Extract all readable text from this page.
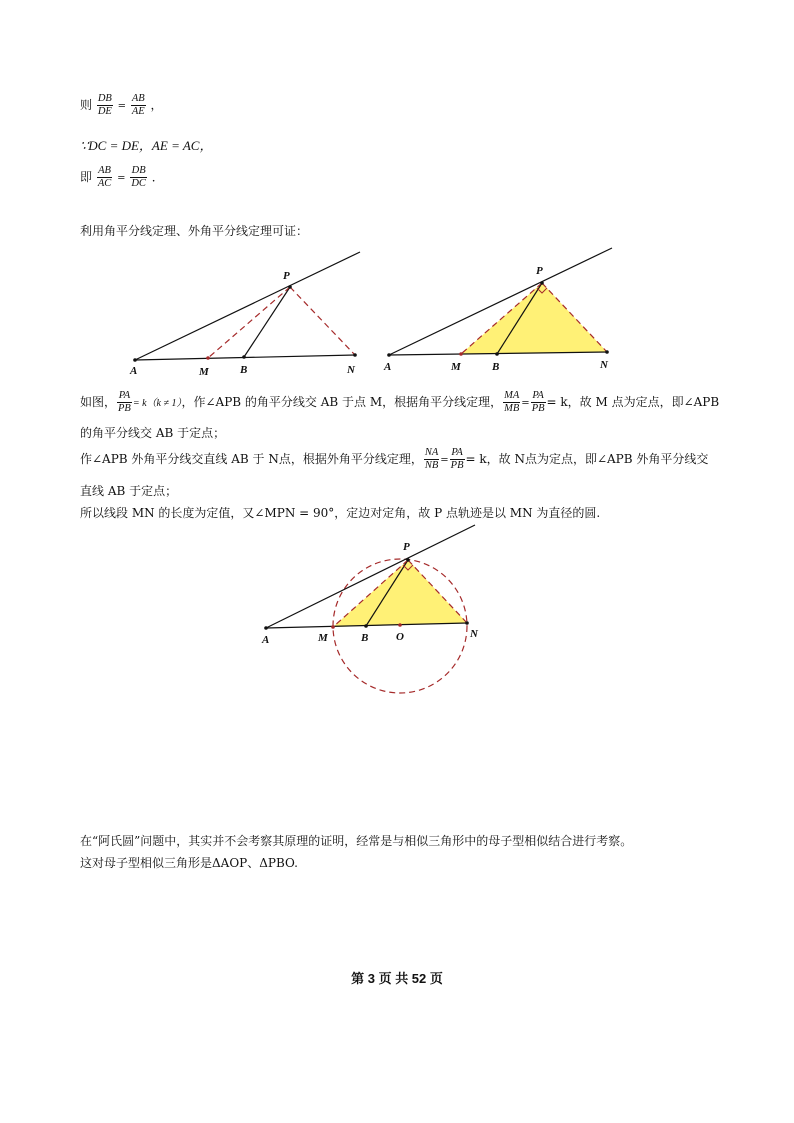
则 $\frac{DB}{DE} = \frac{AB}{AE}$ ，
∵DC = DE，AE = AC，
即 $\frac{AB}{AC} = \frac{DB}{DC}$ ．
利用角平分线定理、外角平分线定理可证：
P
A	M	B	N
P
A	M	B	N
如图， $\frac{PA}{PB} = k(k \ne 1)$，作∠APB 的角平分线交 AB 于点 M，根据角平分线定理， $\frac{MA}{MB} = \frac{PA}{PB} = k$，故 M 点为定点，即∠APB
的角平分线交 AB 于定点；
作∠APB 外角平分线交直线 AB 于 N点，根据外角平分线定理， $\frac{NA}{NB} = \frac{PA}{PB} = k$，故 N点为定点，即∠APB 外角平分线交
直线 AB 于定点；
所以线段 MN 的长度为定值，又∠MPN = 90°，定边对定角，故 P 点轨迹是以 MN 为直径的圆.
P
A	M	B	O	N
在“阿氏圆”问题中，其实并不会考察其原理的证明，经常是与相似三角形中的母子型相似结合进行考察。
这对母子型相似三角形是ΔAOP、ΔPBO.
第 3 页 共 52 页
